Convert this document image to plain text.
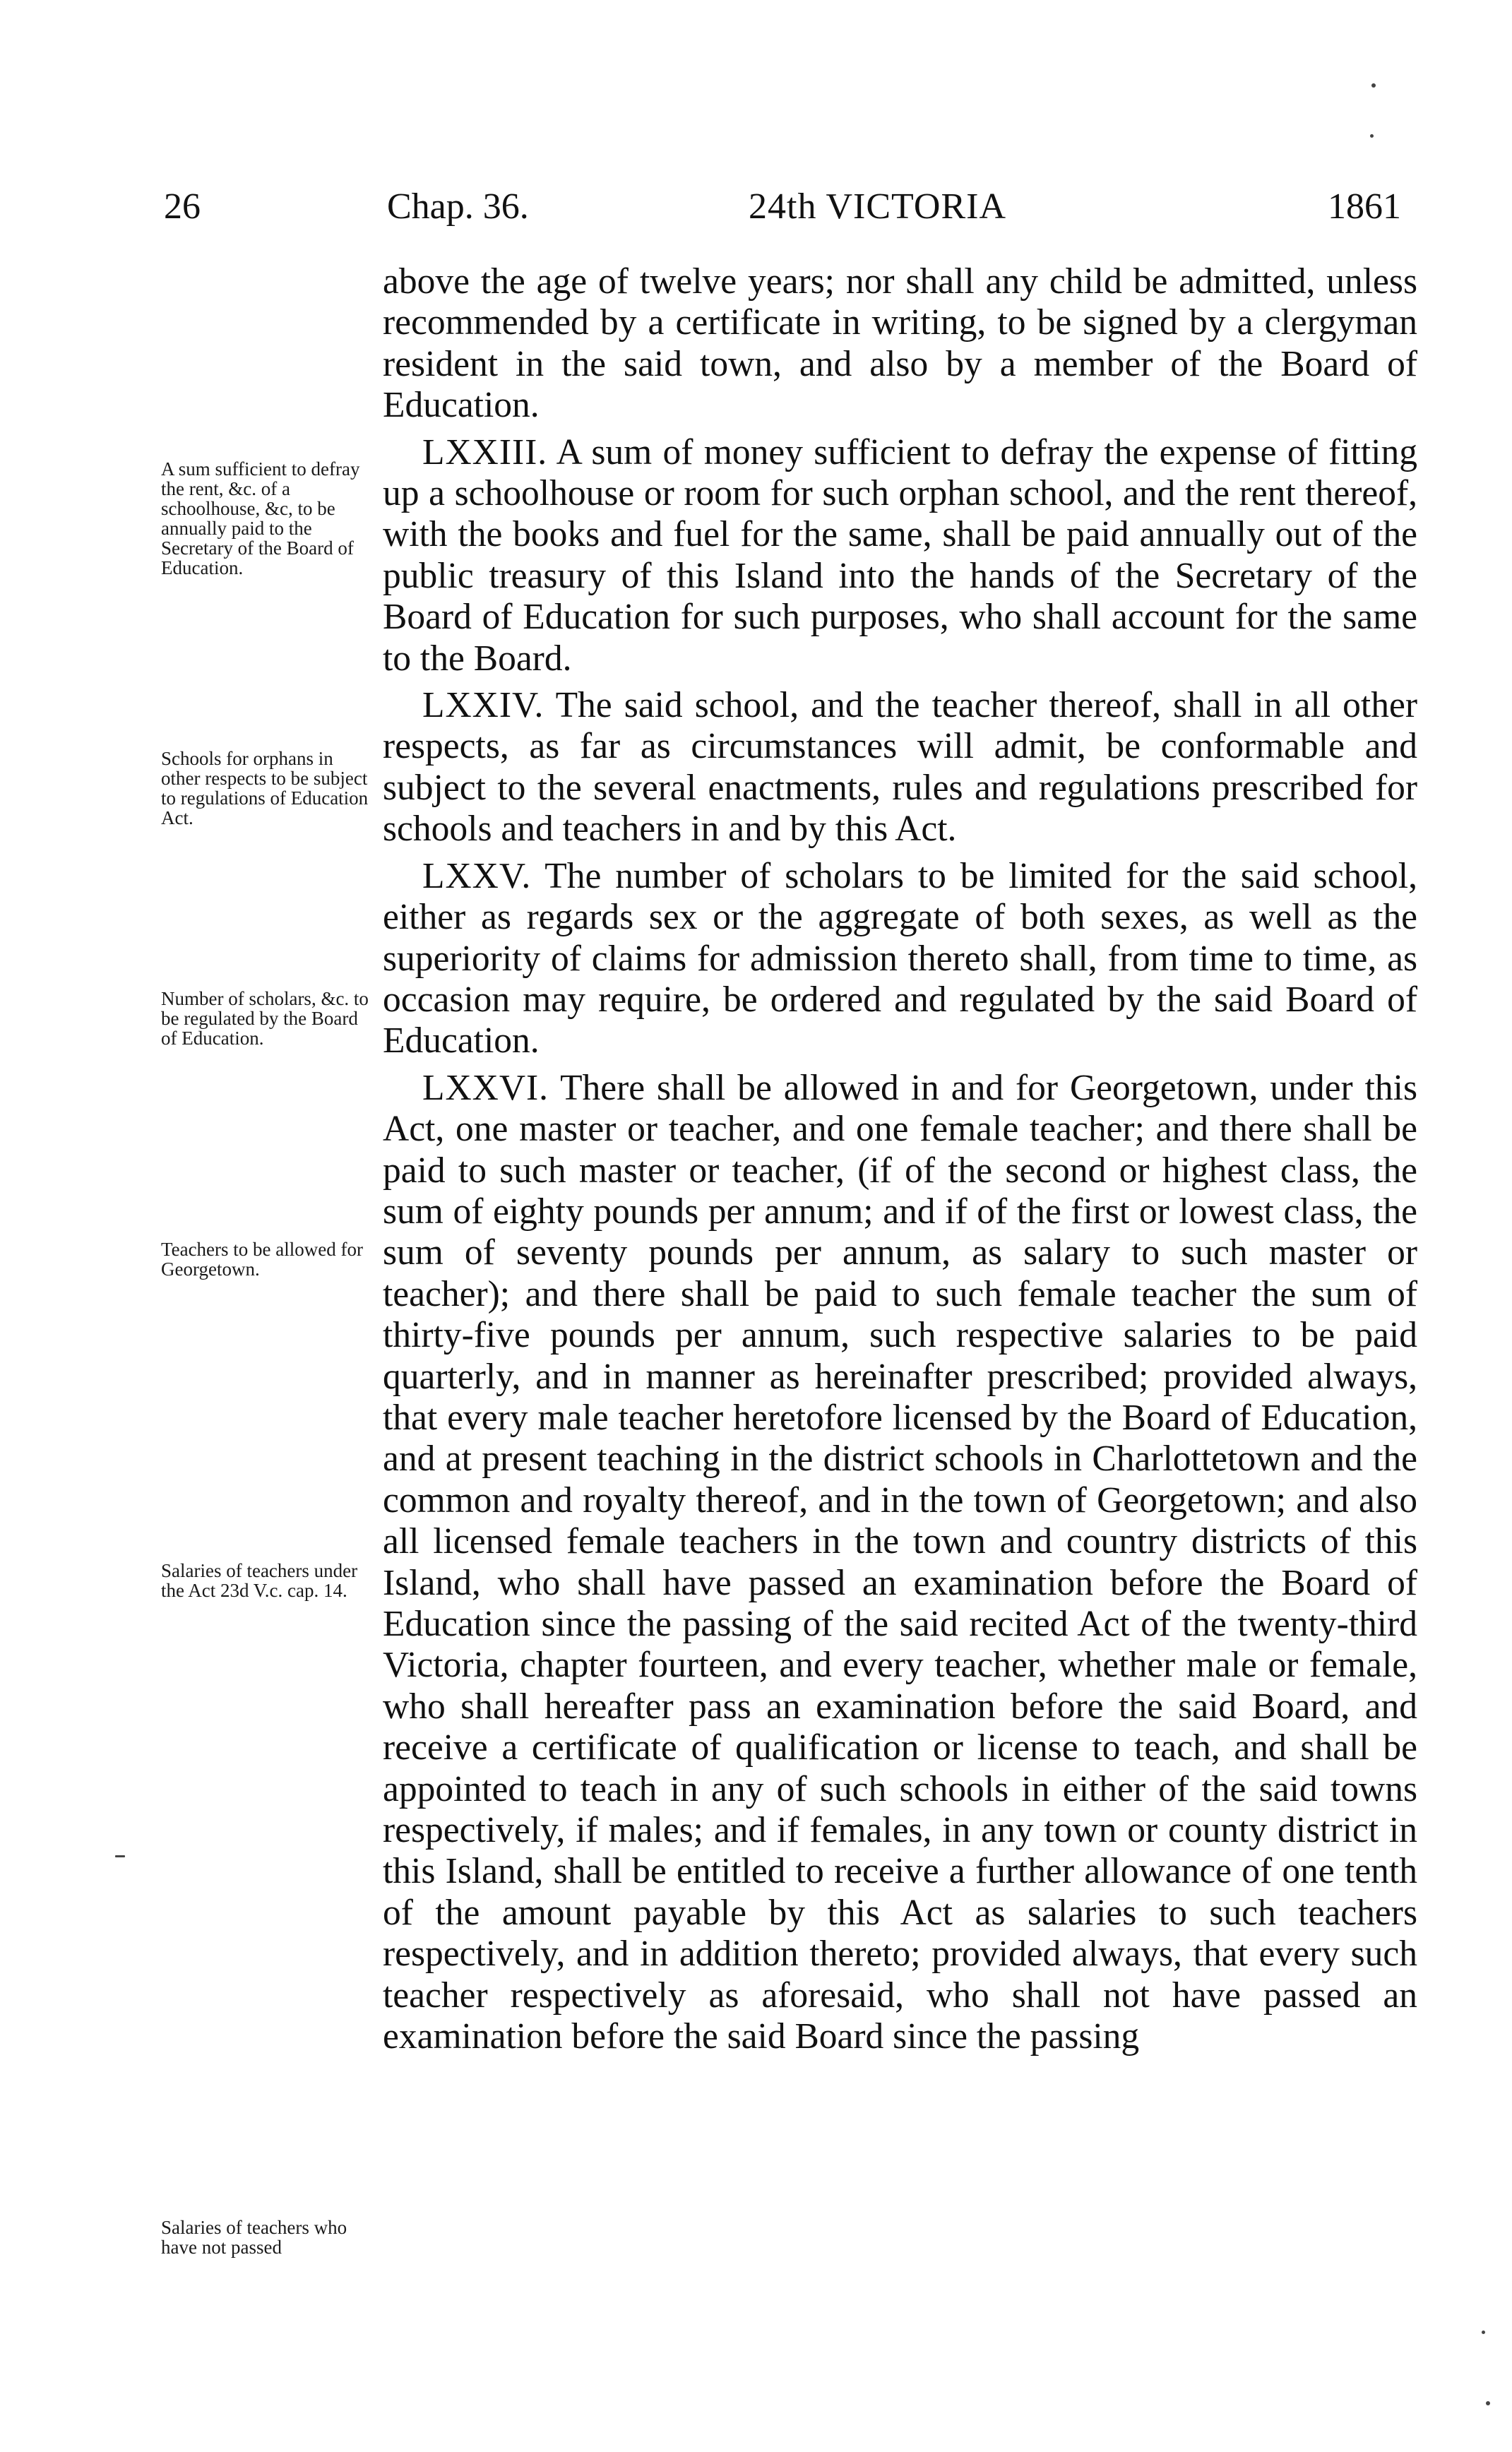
26	Chap. 36.	24th VICTORIA	1861

above the age of twelve years; nor shall any child be admitted, unless recommended by a certificate in writing, to be signed by a clergyman resident in the said town, and also by a member of the Board of Education.

LXXIII. A sum of money sufficient to defray the expense of fitting up a schoolhouse or room for such orphan school, and the rent thereof, with the books and fuel for the same, shall be paid annually out of the public treasury of this Island into the hands of the Secretary of the Board of Education for such purposes, who shall account for the same to the Board.

LXXIV. The said school, and the teacher thereof, shall in all other respects, as far as circumstances will admit, be conformable and subject to the several enactments, rules and regulations prescribed for schools and teachers in and by this Act.

LXXV. The number of scholars to be limited for the said school, either as regards sex or the aggregate of both sexes, as well as the superiority of claims for admission thereto shall, from time to time, as occasion may require, be ordered and regulated by the said Board of Education.

LXXVI. There shall be allowed in and for Georgetown, under this Act, one master or teacher, and one female teacher; and there shall be paid to such master or teacher, (if of the second or highest class, the sum of eighty pounds per annum; and if of the first or lowest class, the sum of seventy pounds per annum, as salary to such master or teacher); and there shall be paid to such female teacher the sum of thirty-five pounds per annum, such respective salaries to be paid quarterly, and in manner as hereinafter prescribed; provided always, that every male teacher heretofore licensed by the Board of Education, and at present teaching in the district schools in Charlottetown and the common and royalty thereof, and in the town of Georgetown; and also all licensed female teachers in the town and country districts of this Island, who shall have passed an examination before the Board of Education since the passing of the said recited Act of the twenty-third Victoria, chapter fourteen, and every teacher, whether male or female, who shall hereafter pass an examination before the said Board, and receive a certificate of qualification or license to teach, and shall be appointed to teach in any of such schools in either of the said towns respectively, if males; and if females, in any town or county district in this Island, shall be entitled to receive a further allowance of one tenth of the amount payable by this Act as salaries to such teachers respectively, and in addition thereto; provided always, that every such teacher respectively as aforesaid, who shall not have passed an examination before the said Board since the passing

A sum sufficient to defray the rent, &c. of a schoolhouse, &c, to be annually paid to the Secretary of the Board of Education.
Schools for orphans in other respects to be subject to regulations of Education Act.
Number of scholars, &c. to be regulated by the Board of Education.
Teachers to be allowed for Georgetown.
Salaries of teachers under the Act 23d V.c. cap. 14.
Salaries of teachers who have not passed
